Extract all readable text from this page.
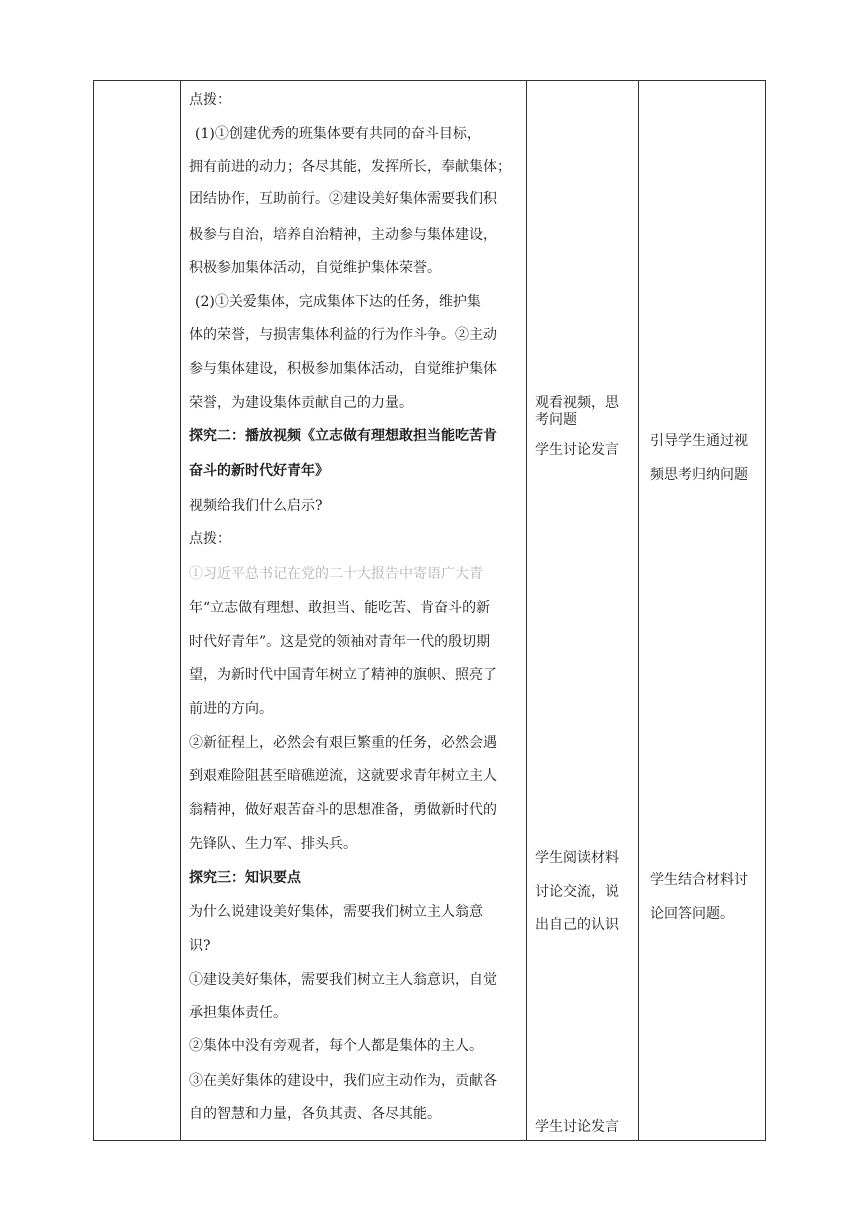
点拨：
(1)①创建优秀的班集体要有共同的奋斗目标，
拥有前进的动力；各尽其能，发挥所长，奉献集体；
团结协作，互助前行。②建设美好集体需要我们积
极参与自治，培养自治精神，主动参与集体建设，
积极参加集体活动，自觉维护集体荣誉。
(2)①关爱集体，完成集体下达的任务，维护集
体的荣誉，与损害集体利益的行为作斗争。②主动
参与集体建设，积极参加集体活动，自觉维护集体
荣誉，为建设集体贡献自己的力量。
探究二：播放视频《立志做有理想敢担当能吃苦肯
奋斗的新时代好青年》
视频给我们什么启示?
点拨：
①习近平总书记在党的二十大报告中寄语广大青
年“立志做有理想、敢担当、能吃苦、肯奋斗的新
时代好青年”。这是党的领袖对青年一代的殷切期
望，为新时代中国青年树立了精神的旗帜、照亮了
前进的方向。
②新征程上，必然会有艰巨繁重的任务，必然会遇
到艰难险阻甚至暗礁逆流，这就要求青年树立主人
翁精神，做好艰苦奋斗的思想准备，勇做新时代的
先锋队、生力军、排头兵。
探究三：知识要点
为什么说建设美好集体，需要我们树立主人翁意
识?
①建设美好集体，需要我们树立主人翁意识，自觉
承担集体责任。
②集体中没有旁观者，每个人都是集体的主人。
③在美好集体的建设中，我们应主动作为，贡献各
自的智慧和力量，各负其责、各尽其能。
观看视频，思
考问题
学生讨论发言
学生阅读材料
讨论交流，说
出自己的认识
学生讨论发言
引导学生通过视
频思考归纳问题
学生结合材料讨
论回答问题。
